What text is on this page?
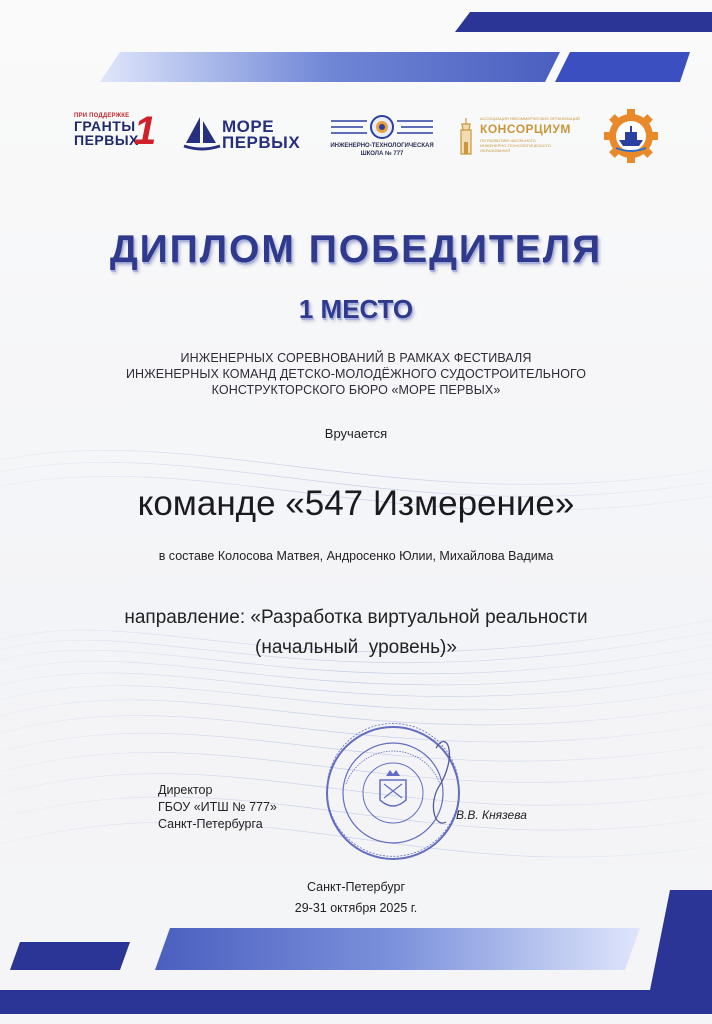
ПРИ ПОДДЕРЖКЕ
ГРАНТЫ
ПЕРВЫХ
1	МОРЕ
ПЕРВЫХ	ИНЖЕНЕРНО-ТЕХНОЛОГИЧЕСКАЯ
ШКОЛА № 777
АССОЦИАЦИЯ НЕКОММЕРЧЕСКИХ ОРГАНИЗАЦИЙ
КОНСОРЦИУМ
ПО РАЗВИТИЮ ШКОЛЬНОГО
ИНЖЕНЕРНО-ТЕХНОЛОГИЧЕСКОГО
ОБРАЗОВАНИЯ
ДИПЛОМ ПОБЕДИТЕЛЯ
1 МЕСТО
ИНЖЕНЕРНЫХ СОРЕВНОВАНИЙ В РАМКАХ ФЕСТИВАЛЯ
ИНЖЕНЕРНЫХ КОМАНД ДЕТСКО-МОЛОДЁЖНОГО СУДОСТРОИТЕЛЬНОГО
КОНСТРУКТОРСКОГО БЮРО «МОРЕ ПЕРВЫХ»
Вручается
команде «547 Измерение»
в составе Колосова Матвея, Андросенко Юлии, Михайлова Вадима
направление: «Разработка виртуальной реальности
(начальный  уровень)»
Директор
ГБОУ «ИТШ № 777»
Санкт-Петербурга
В.В. Князева
Санкт-Петербург
29-31 октября 2025 г.
